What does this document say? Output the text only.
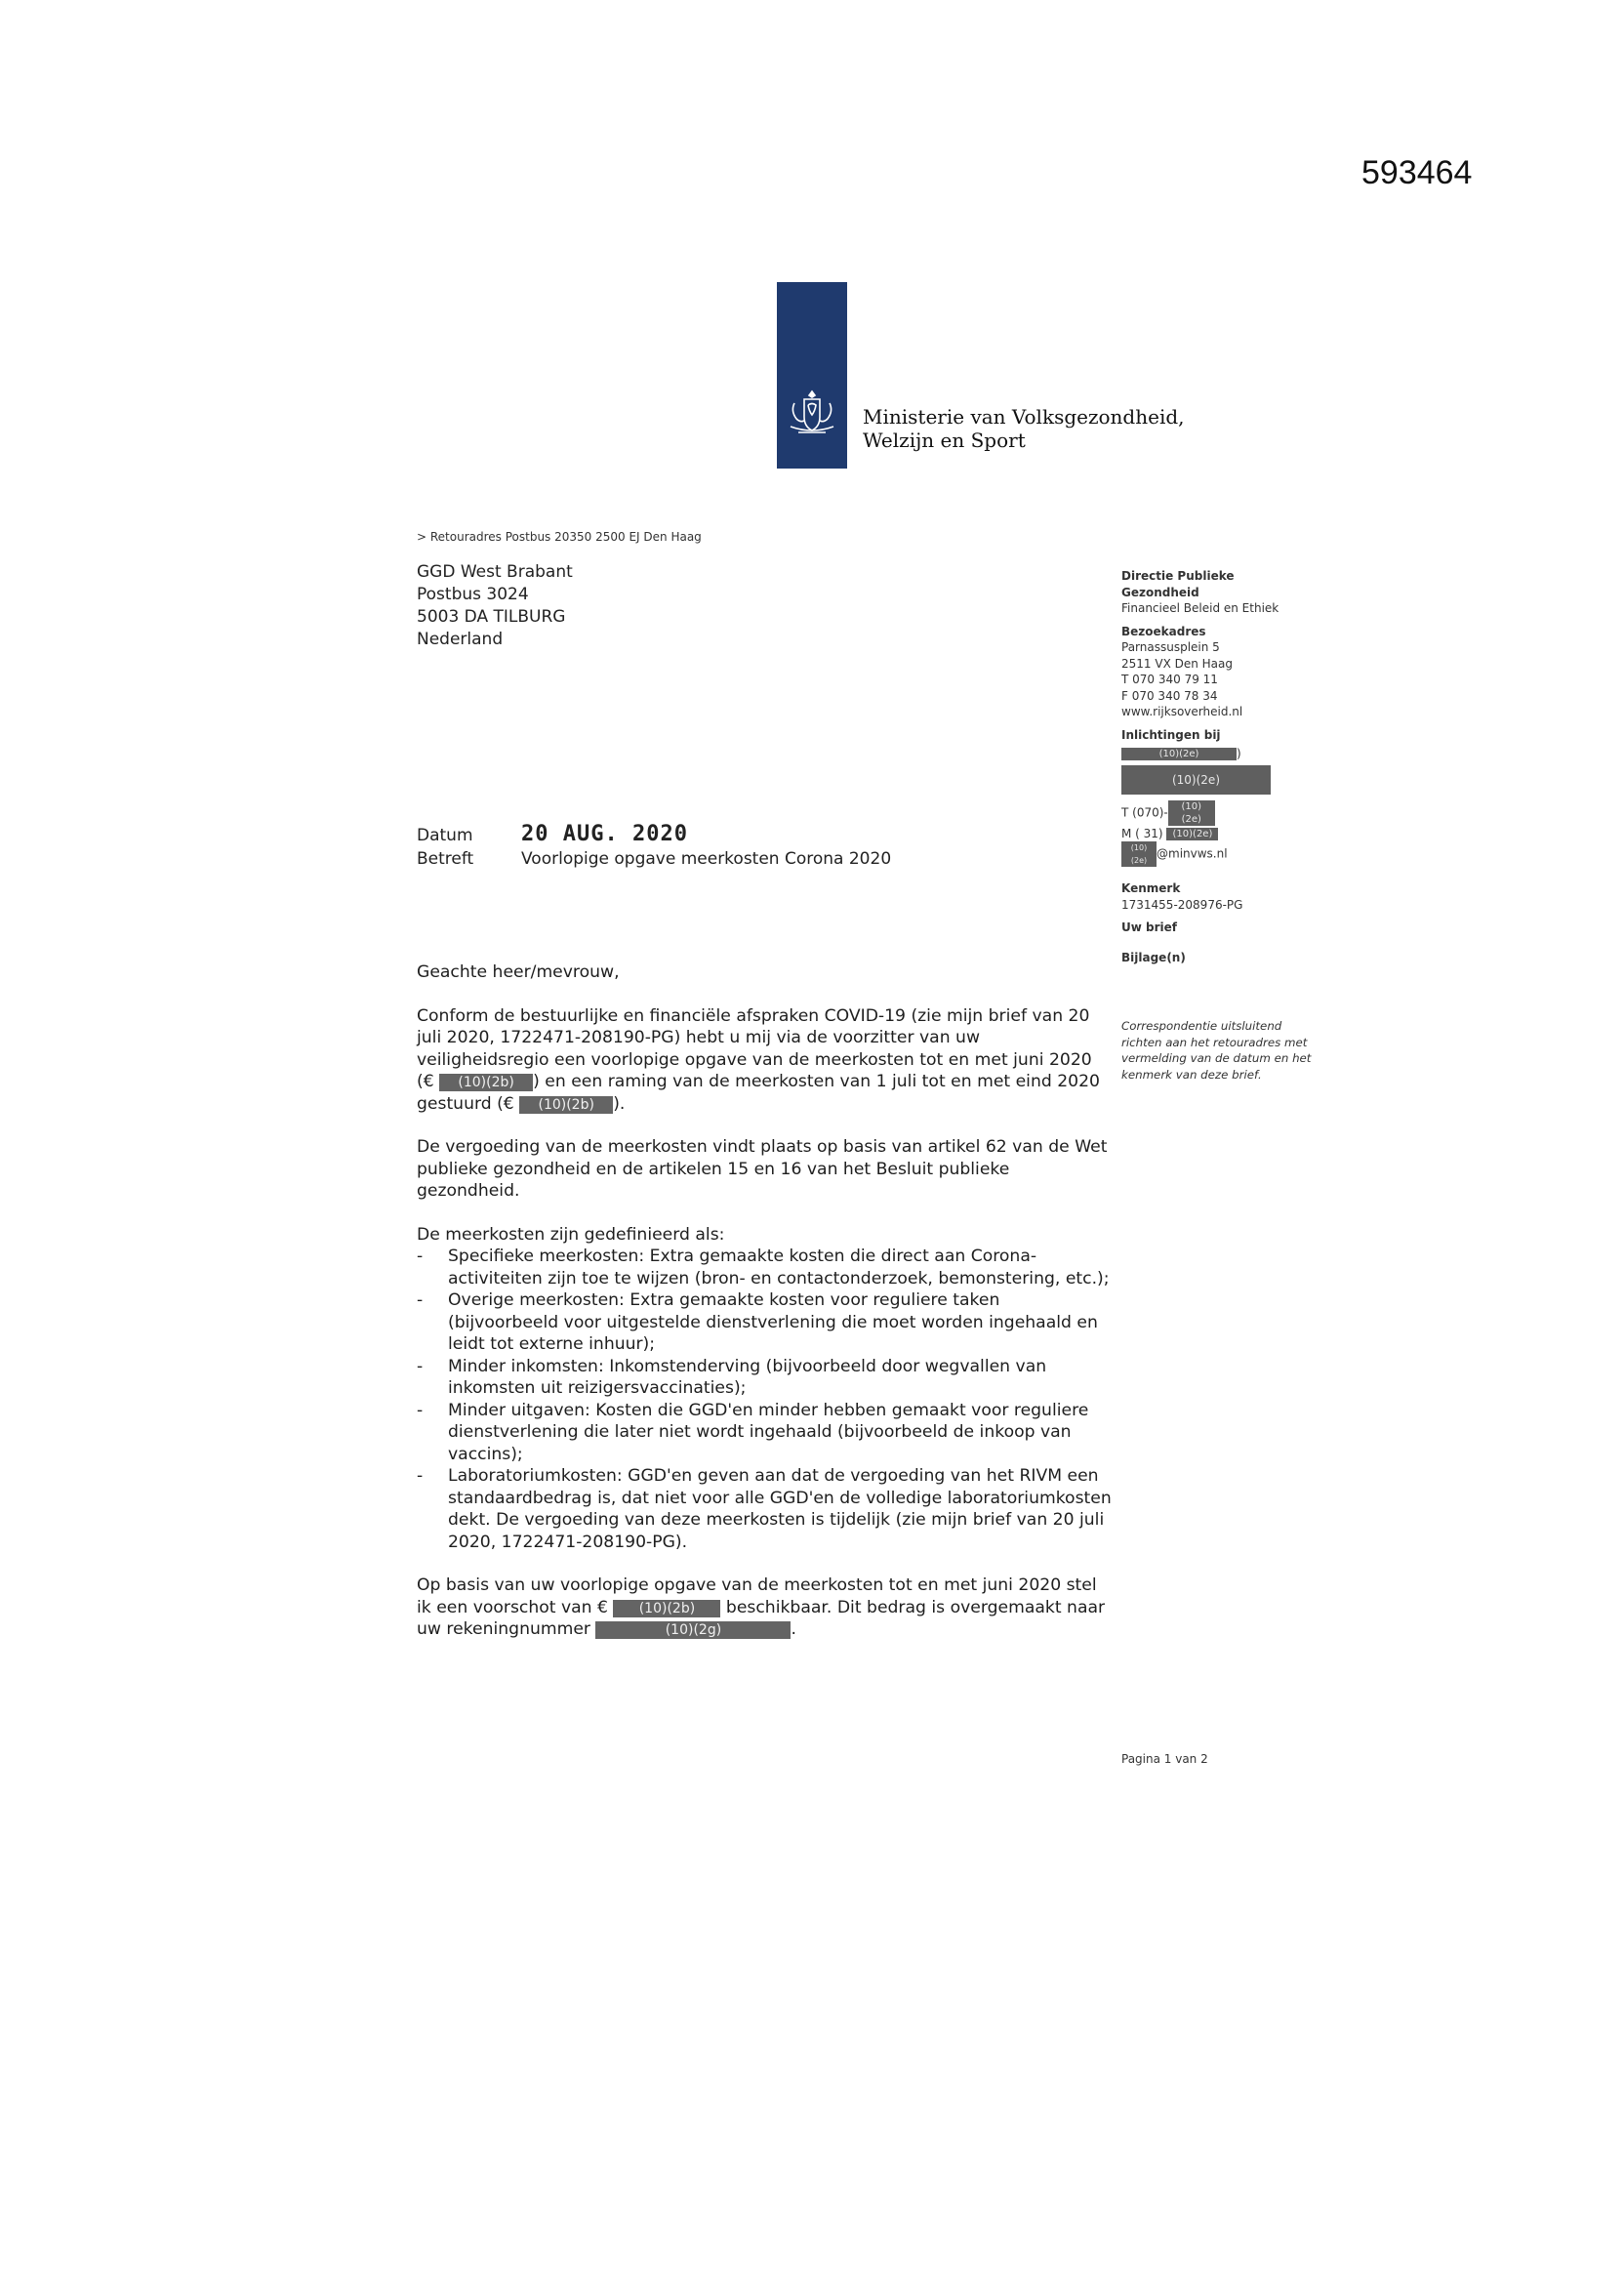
593464
Ministerie van Volksgezondheid,
Welzijn en Sport
> Retouradres Postbus 20350 2500 EJ Den Haag
GGD West Brabant
Postbus 3024
5003 DA TILBURG
Nederland
Directie Publieke
Gezondheid
Financieel Beleid en Ethiek
Bezoekadres
Parnassusplein 5
2511 VX Den Haag
T 070 340 79 11
F 070 340 78 34
www.rijksoverheid.nl
Inlichtingen bij
(10)(2e)	)
(10)(2e)
T (070)- (10)(2e)
M ( 31) (10)(2e)
(10)(2e) @minvws.nl
Kenmerk
1731455-208976-PG
Uw brief
Bijlage(n)
Datum 20 AUG. 2020
Betreft	Voorlopige opgave meerkosten Corona 2020

Geachte heer/mevrouw,

Conform de bestuurlijke en financiële afspraken COVID-19 (zie mijn brief van 20 juli 2020, 1722471-208190-PG) hebt u mij via de voorzitter van uw veiligheidsregio een voorlopige opgave van de meerkosten tot en met juni 2020 (€ (10)(2b) ) en een raming van de meerkosten van 1 juli tot en met eind 2020 gestuurd (€ (10)(2b) ).

De vergoeding van de meerkosten vindt plaats op basis van artikel 62 van de Wet publieke gezondheid en de artikelen 15 en 16 van het Besluit publieke gezondheid.

De meerkosten zijn gedefinieerd als:

- Specifieke meerkosten: Extra gemaakte kosten die direct aan Corona-activiteiten zijn toe te wijzen (bron- en contactonderzoek, bemonstering, etc.);
- Overige meerkosten: Extra gemaakte kosten voor reguliere taken (bijvoorbeeld voor uitgestelde dienstverlening die moet worden ingehaald en leidt tot externe inhuur);
- Minder inkomsten: Inkomstenderving (bijvoorbeeld door wegvallen van inkomsten uit reizigersvaccinaties);
- Minder uitgaven: Kosten die GGD'en minder hebben gemaakt voor reguliere dienstverlening die later niet wordt ingehaald (bijvoorbeeld de inkoop van vaccins);
- Laboratoriumkosten: GGD'en geven aan dat de vergoeding van het RIVM een standaardbedrag is, dat niet voor alle GGD'en de volledige laboratoriumkosten dekt. De vergoeding van deze meerkosten is tijdelijk (zie mijn brief van 20 juli 2020, 1722471-208190-PG).

Op basis van uw voorlopige opgave van de meerkosten tot en met juni 2020 stel ik een voorschot van € (10)(2b) beschikbaar. Dit bedrag is overgemaakt naar uw rekeningnummer	(10)(2g)	.

Correspondentie uitsluitend richten aan het retouradres met vermelding van de datum en het kenmerk van deze brief.
Pagina 1 van 2
